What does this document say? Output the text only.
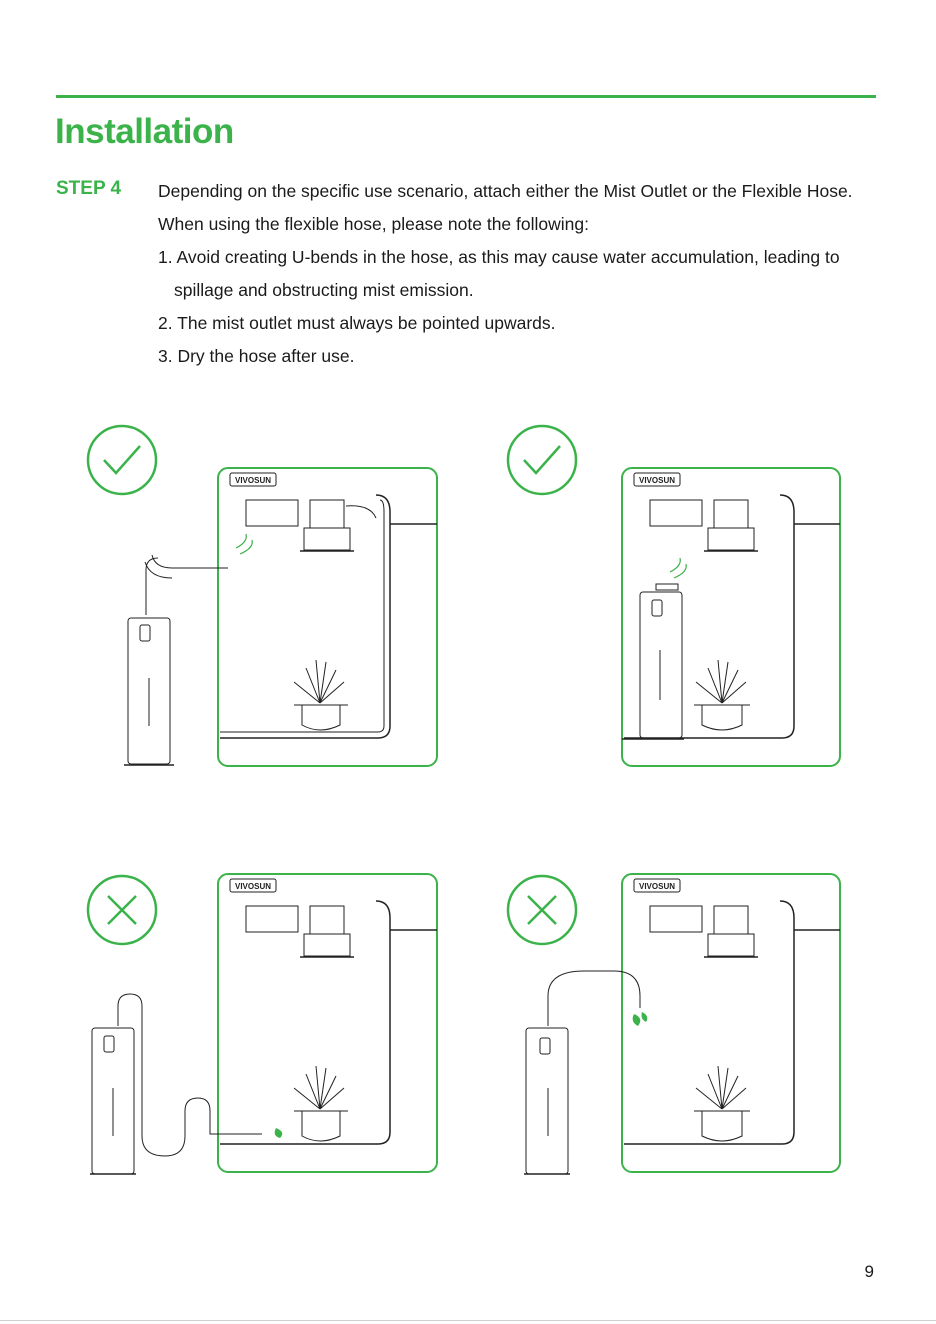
Installation
STEP 4 Depending on the specific use scenario, attach either the Mist Outlet or the Flexible Hose.

When using the flexible hose, please note the following:

1. Avoid creating U-bends in the hose, as this may cause water accumulation, leading to spillage and obstructing mist emission.

2. The mist outlet must always be pointed upwards.

3. Dry the hose after use.

VIVOSUN	VIVOSUN
VIVOSUN	VIVOSUN
9
